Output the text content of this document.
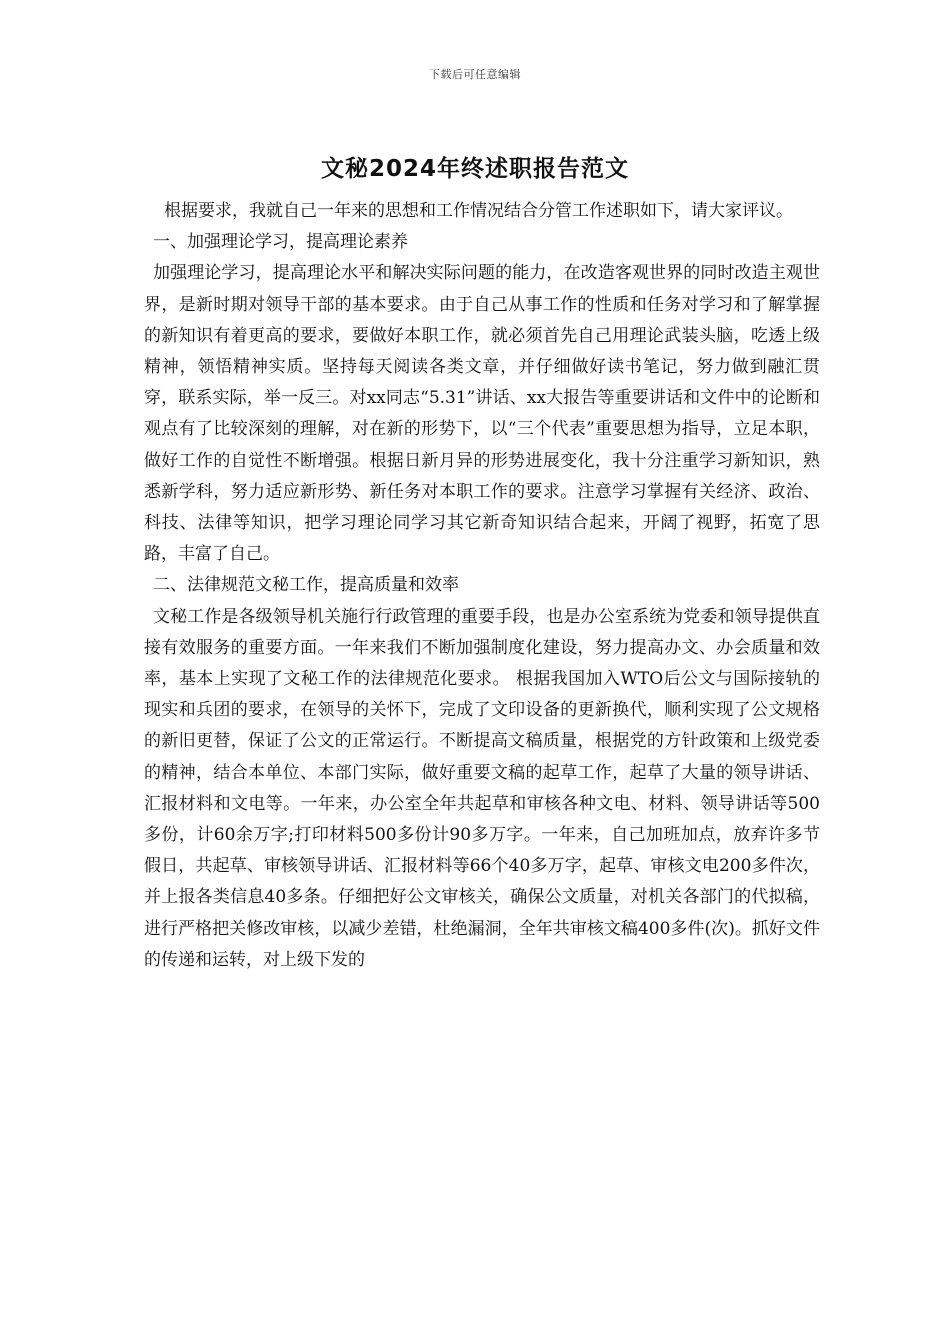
下载后可任意编辑
文秘2024年终述职报告范文

根据要求，我就自己一年来的思想和工作情况结合分管工作述职如下，请大家评议。

一、加强理论学习，提高理论素养

加强理论学习，提高理论水平和解决实际问题的能力，在改造客观世界的同时改造主观世界，是新时期对领导干部的基本要求。由于自己从事工作的性质和任务对学习和了解掌握的新知识有着更高的要求，要做好本职工作，就必须首先自己用理论武装头脑，吃透上级精神，领悟精神实质。坚持每天阅读各类文章，并仔细做好读书笔记，努力做到融汇贯穿，联系实际，举一反三。对xx同志“5.31”讲话、xx大报告等重要讲话和文件中的论断和观点有了比较深刻的理解，对在新的形势下，以“三个代表”重要思想为指导，立足本职，做好工作的自觉性不断增强。根据日新月异的形势进展变化，我十分注重学习新知识，熟悉新学科，努力适应新形势、新任务对本职工作的要求。注意学习掌握有关经济、政治、科技、法律等知识，把学习理论同学习其它新奇知识结合起来，开阔了视野，拓宽了思路，丰富了自己。

二、法律规范文秘工作，提高质量和效率

文秘工作是各级领导机关施行行政管理的重要手段，也是办公室系统为党委和领导提供直接有效服务的重要方面。一年来我们不断加强制度化建设，努力提高办文、办会质量和效率，基本上实现了文秘工作的法律规范化要求。 根据我国加入WTO后公文与国际接轨的现实和兵团的要求，在领导的关怀下，完成了文印设备的更新换代，顺利实现了公文规格的新旧更替，保证了公文的正常运行。不断提高文稿质量，根据党的方针政策和上级党委的精神，结合本单位、本部门实际，做好重要文稿的起草工作，起草了大量的领导讲话、汇报材料和文电等。一年来，办公室全年共起草和审核各种文电、材料、领导讲话等500多份，计60余万字;打印材料500多份计90多万字。一年来，自己加班加点，放弃许多节假日，共起草、审核领导讲话、汇报材料等66个40多万字，起草、审核文电200多件次，并上报各类信息40多条。仔细把好公文审核关，确保公文质量，对机关各部门的代拟稿，进行严格把关修改审核，以减少差错，杜绝漏洞，全年共审核文稿400多件(次)。抓好文件的传递和运转，对上级下发的
